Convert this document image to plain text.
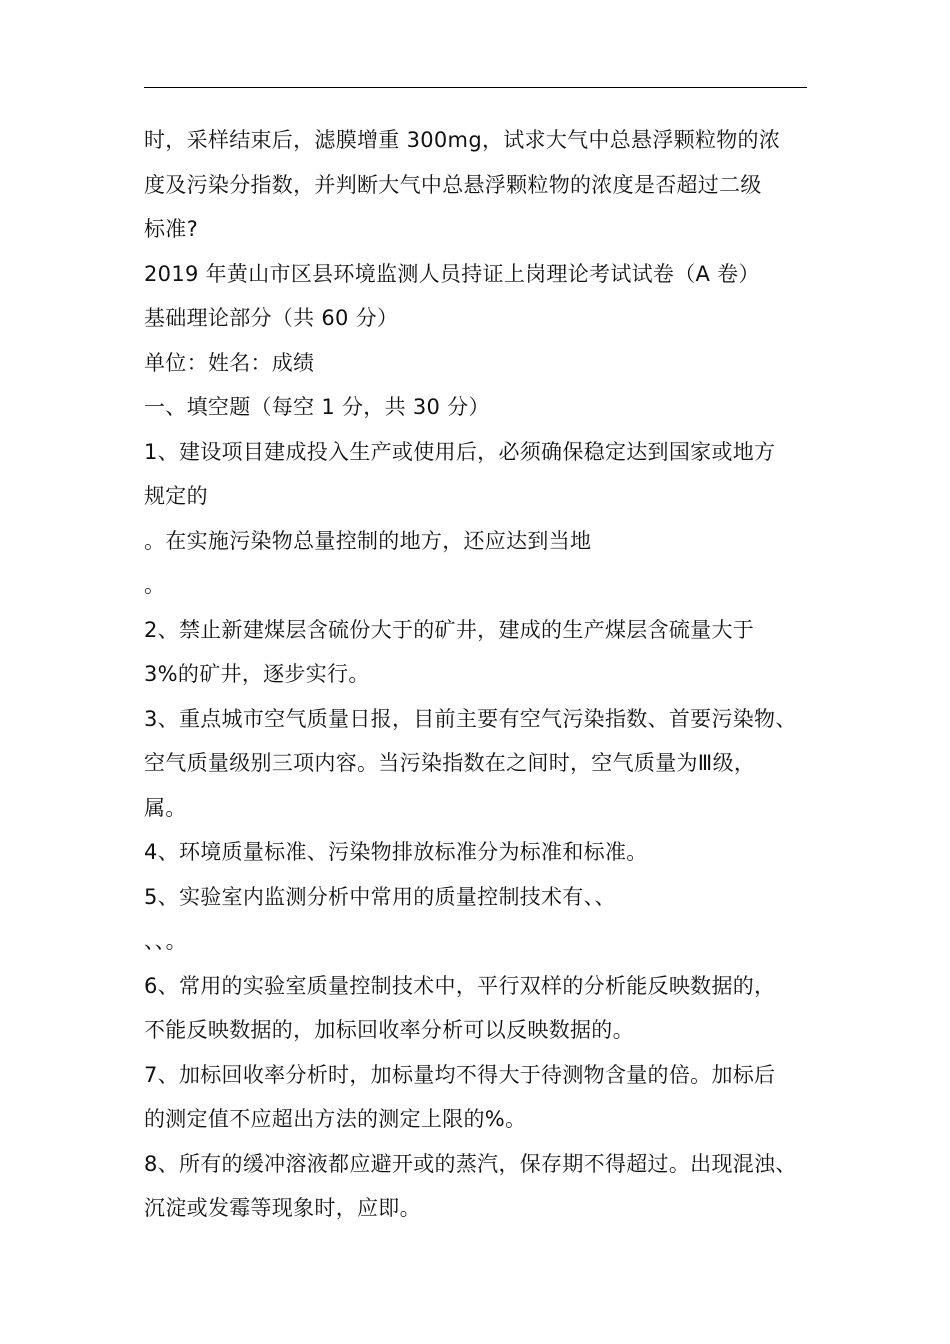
时，采样结束后，滤膜增重 300mg，试求大气中总悬浮颗粒物的浓
度及污染分指数，并判断大气中总悬浮颗粒物的浓度是否超过二级
标准?
2019 年黄山市区县环境监测人员持证上岗理论考试试卷（A 卷）
基础理论部分（共 60 分）
单位：姓名：成绩
一、填空题（每空 1 分，共 30 分）
1、建设项目建成投入生产或使用后，必须确保稳定达到国家或地方
规定的
。在实施污染物总量控制的地方，还应达到当地
。
2、禁止新建煤层含硫份大于的矿井，建成的生产煤层含硫量大于
3%的矿井，逐步实行。
3、重点城市空气质量日报，目前主要有空气污染指数、首要污染物、
空气质量级别三项内容。当污染指数在之间时，空气质量为Ⅲ级，
属。
4、环境质量标准、污染物排放标准分为标准和标准。
5、实验室内监测分析中常用的质量控制技术有、、
、、。
6、常用的实验室质量控制技术中，平行双样的分析能反映数据的，
不能反映数据的，加标回收率分析可以反映数据的。
7、加标回收率分析时，加标量均不得大于待测物含量的倍。加标后
的测定值不应超出方法的测定上限的%。
8、所有的缓冲溶液都应避开或的蒸汽，保存期不得超过。出现混浊、
沉淀或发霉等现象时，应即。
